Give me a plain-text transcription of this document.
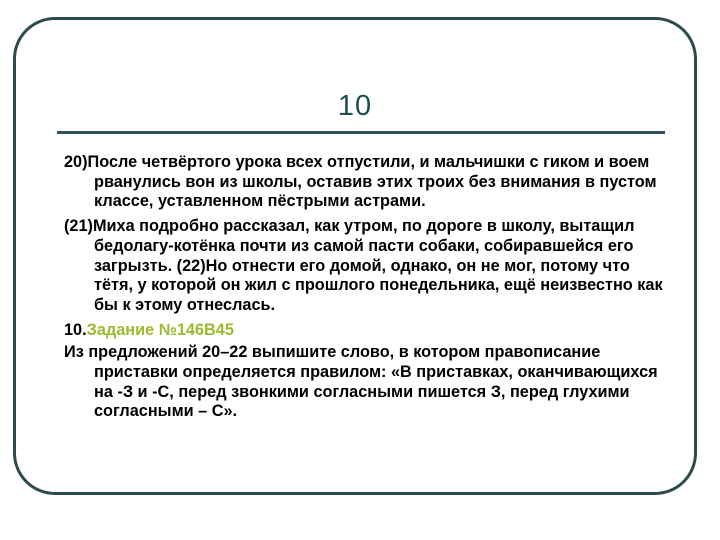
10

20)После четвёртого урока всех отпустили, и мальчишки с гиком и воем рванулись вон из школы, оставив этих троих без внимания в пустом классе, уставленном пёстрыми астрами.

(21)Миха подробно рассказал, как утром, по дороге в школу, вытащил бедолагу-котёнка почти из самой пасти собаки, собиравшейся его загрызть. (22)Но отнести его домой, однако, он не мог, потому что тётя, у которой он жил с прошлого понедельника, ещё неизвестно как бы к этому отнеслась.

10.Задание №146В45

Из предложений 20–22 выпишите слово, в котором правописание приставки определяется правилом: «В приставках, оканчивающихся на -З и -С, перед звонкими согласными пишется З, перед глухими согласными – С».
